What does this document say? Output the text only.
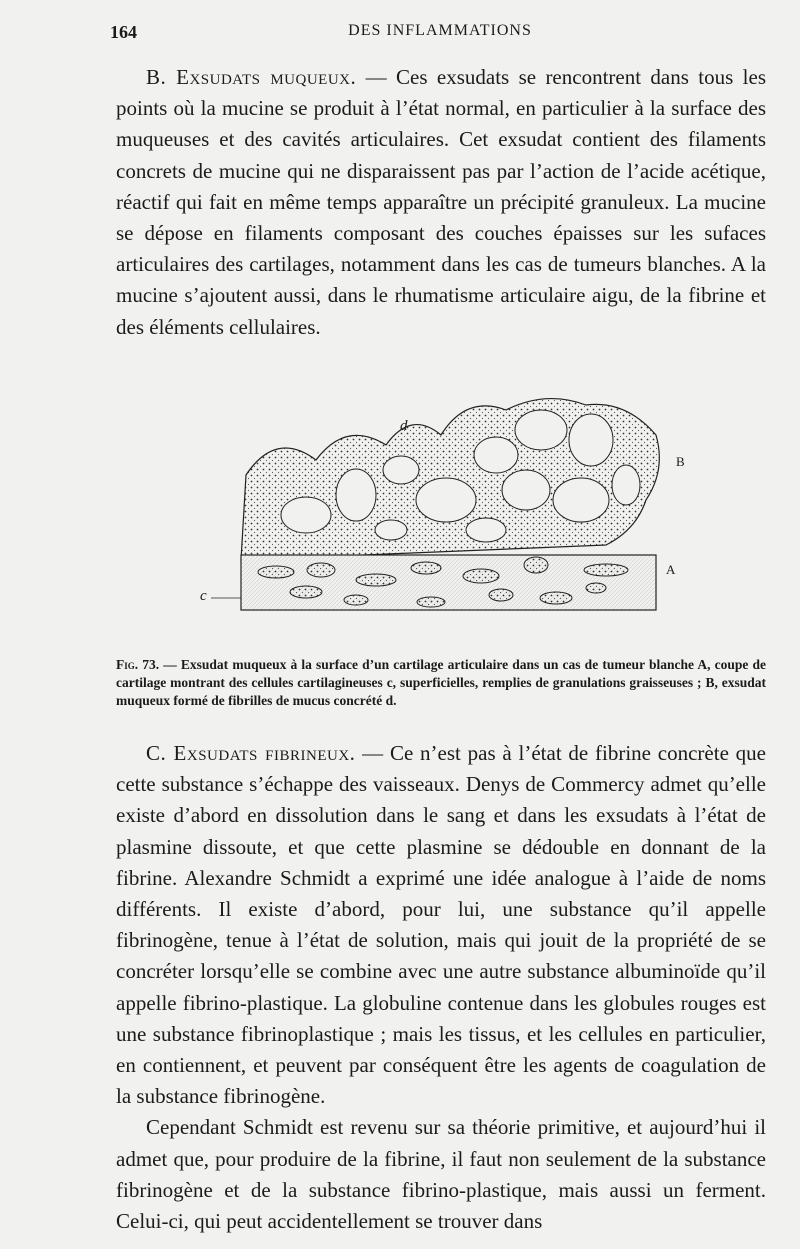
164	DES INFLAMMATIONS

B. Exsudats muqueux. — Ces exsudats se rencontrent dans tous les points où la mucine se produit à l’état normal, en particulier à la surface des muqueuses et des cavités articulaires. Cet exsudat contient des filaments concrets de mucine qui ne disparaissent pas par l’action de l’acide acétique, réactif qui fait en même temps apparaître un précipité granuleux. La mucine se dépose en filaments composant des couches épaisses sur les sufaces articulaires des cartilages, notamment dans les cas de tumeurs blanches. A la mucine s’ajoutent aussi, dans le rhumatisme articulaire aigu, de la fibrine et des éléments cellulaires.

d
B
A
c
Fig. 73. — Exsudat muqueux à la surface d’un cartilage articulaire dans un cas de tumeur blanche A, coupe de cartilage montrant des cellules cartilagineuses c, superficielles, remplies de granulations graisseuses ; B, exsudat muqueux formé de fibrilles de mucus concrété d.

C. Exsudats fibrineux. — Ce n’est pas à l’état de fibrine concrète que cette substance s’échappe des vaisseaux. Denys de Commercy admet qu’elle existe d’abord en dissolution dans le sang et dans les exsudats à l’état de plasmine dissoute, et que cette plasmine se dédouble en donnant de la fibrine. Alexandre Schmidt a exprimé une idée analogue à l’aide de noms différents. Il existe d’abord, pour lui, une substance qu’il appelle fibrinogène, tenue à l’état de solution, mais qui jouit de la propriété de se concréter lorsqu’elle se combine avec une autre substance albuminoïde qu’il appelle fibrino-plastique. La globuline contenue dans les globules rouges est une substance fibrinoplastique ; mais les tissus, et les cellules en particulier, en contiennent, et peuvent par conséquent être les agents de coagulation de la substance fibrinogène.

Cependant Schmidt est revenu sur sa théorie primitive, et aujourd’hui il admet que, pour produire de la fibrine, il faut non seulement de la substance fibrinogène et de la substance fibrino-plastique, mais aussi un ferment. Celui-ci, qui peut accidentellement se trouver dans
